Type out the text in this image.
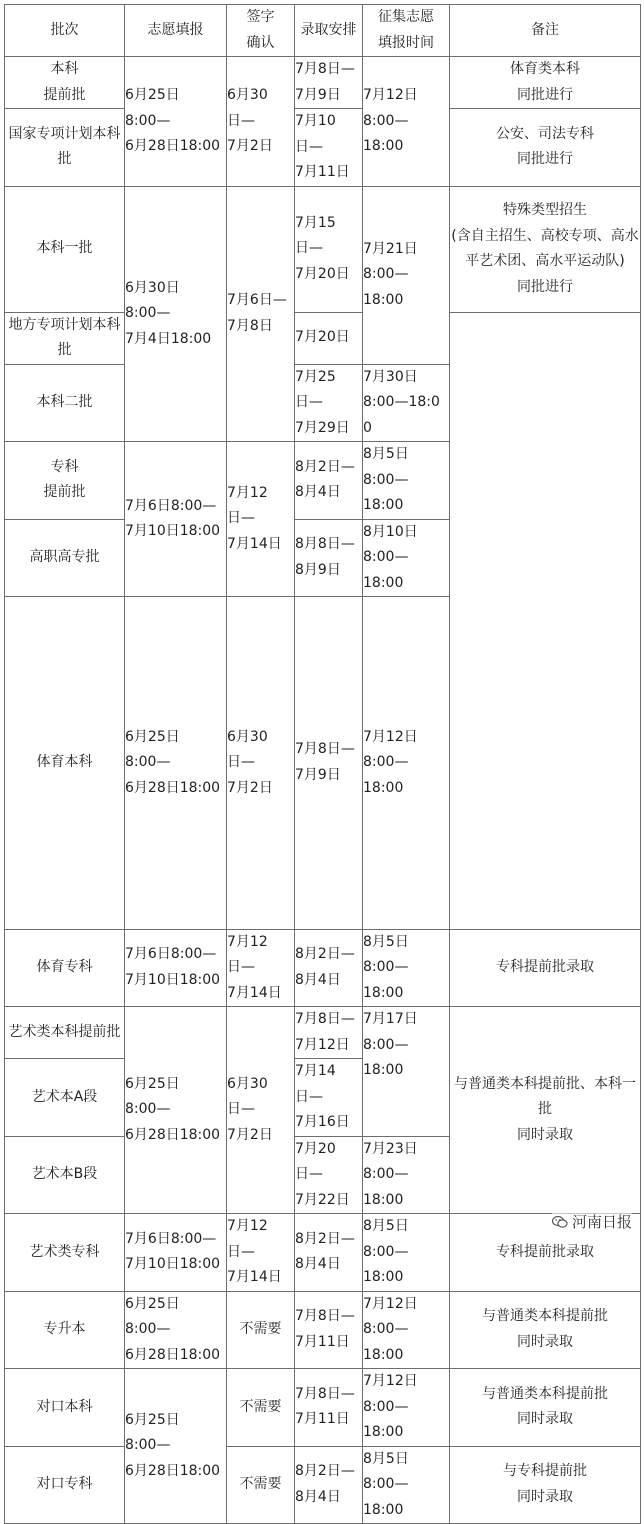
批次	志愿填报	签字
确认	录取安排	征集志愿
填报时间	备注	

本科
提前批	6月25日
8:00—
6月28日18:00	6月30
日—
7月2日	7月8日—
7月9日	7月12日
8:00—
18:00	体育类本科
同批进行	

国家专项计划本科
批			7月10
日—
7月11日		公安、司法专科
同批进行	

本科一批	6月30日
8:00—
7月4日18:00	7月6日—
7月8日	7月15
日—
7月20日	7月21日
8:00—
18:00	特殊类型招生
(含自主招生、高校专项、高水平艺术团、高水平运动队)
同批进行	

地方专项计划本科
批			7月20日			

本科二批			7月25
日—
7月29日	7月30日
8:00—18:0
0		

专科
提前批	7月6日8:00—
7月10日18:00	7月12
日—
7月14日	8月2日—
8月4日	8月5日
8:00—
18:00		

高职高专批			8月8日—
8月9日	8月10日
8:00—
18:00		

体育本科	6月25日
8:00—
6月28日18:00	6月30
日—
7月2日	7月8日—
7月9日	7月12日
8:00—
18:00

体育专科	7月6日8:00—
7月10日18:00	7月12
日—
7月14日	8月2日—
8月4日	8月5日
8:00—
18:00	专科提前批录取	

艺术类本科提前批	6月25日
8:00—
6月28日18:00	6月30
日—
7月2日	7月8日—
7月12日	7月17日
8:00—
18:00	与普通类本科提前批、本科一批
同时录取	

艺术本A段			7月14
日—
7月16日			

艺术本B段			7月20
日—
7月22日	7月23日
8:00—
18:00		

艺术类专科	7月6日8:00—
7月10日18:00	7月12
日—
7月14日	8月2日—
8月4日	8月5日
8:00—
18:00	专科提前批录取	

专升本	6月25日
8:00—
6月28日18:00	不需要	7月8日—
7月11日	7月12日
8:00—
18:00	与普通类本科提前批
同时录取	

对口本科	6月25日
8:00—
6月28日18:00	不需要	7月8日—
7月11日	7月12日
8:00—
18:00	与普通类本科提前批
同时录取	

对口专科		不需要	8月2日—
8月4日	8月5日
8:00—
18:00	与专科提前批
同时录取	
河南日报
